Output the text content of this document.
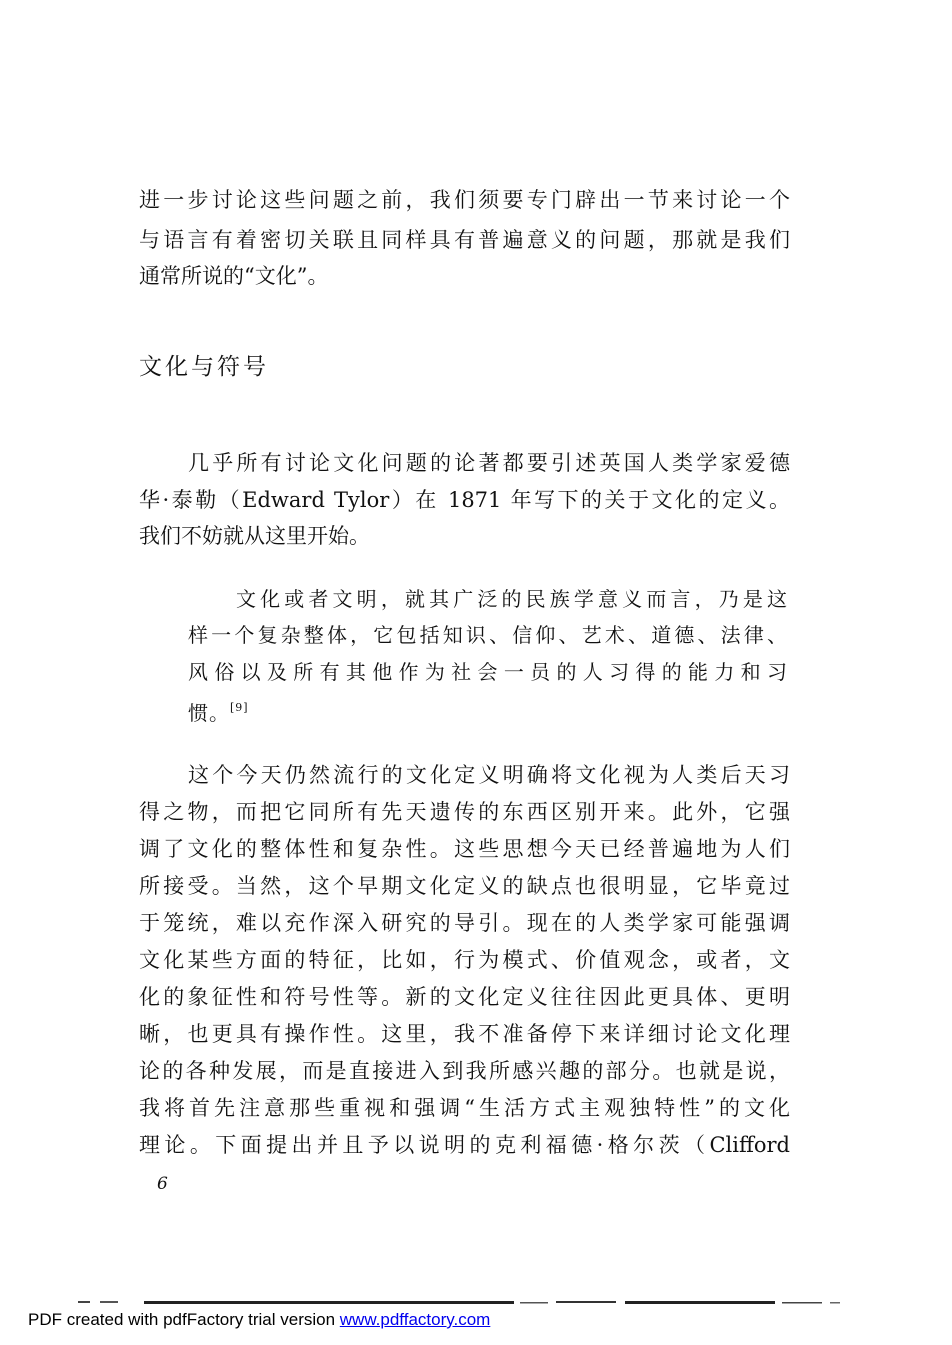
进一步讨论这些问题之前，我们须要专门辟出一节来讨论一个
与语言有着密切关联且同样具有普遍意义的问题，那就是我们
通常所说的“文化”。
文化与符号
几乎所有讨论文化问题的论著都要引述英国人类学家爱德
华·泰勒（Edward Tylor）在 1871 年写下的关于文化的定义。
我们不妨就从这里开始。
文化或者文明，就其广泛的民族学意义而言，乃是这
样一个复杂整体，它包括知识、信仰、艺术、道德、法律、
风俗以及所有其他作为社会一员的人习得的能力和习
惯。[9]
这个今天仍然流行的文化定义明确将文化视为人类后天习
得之物，而把它同所有先天遗传的东西区别开来。此外，它强
调了文化的整体性和复杂性。这些思想今天已经普遍地为人们
所接受。当然，这个早期文化定义的缺点也很明显，它毕竟过
于笼统，难以充作深入研究的导引。现在的人类学家可能强调
文化某些方面的特征，比如，行为模式、价值观念，或者，文
化的象征性和符号性等。新的文化定义往往因此更具体、更明
晰，也更具有操作性。这里，我不准备停下来详细讨论文化理
论的各种发展，而是直接进入到我所感兴趣的部分。也就是说，
我将首先注意那些重视和强调“生活方式主观独特性”的文化
理论。下面提出并且予以说明的克利福德·格尔茨（Clifford
6
PDF created with pdfFactory trial version www.pdffactory.com
